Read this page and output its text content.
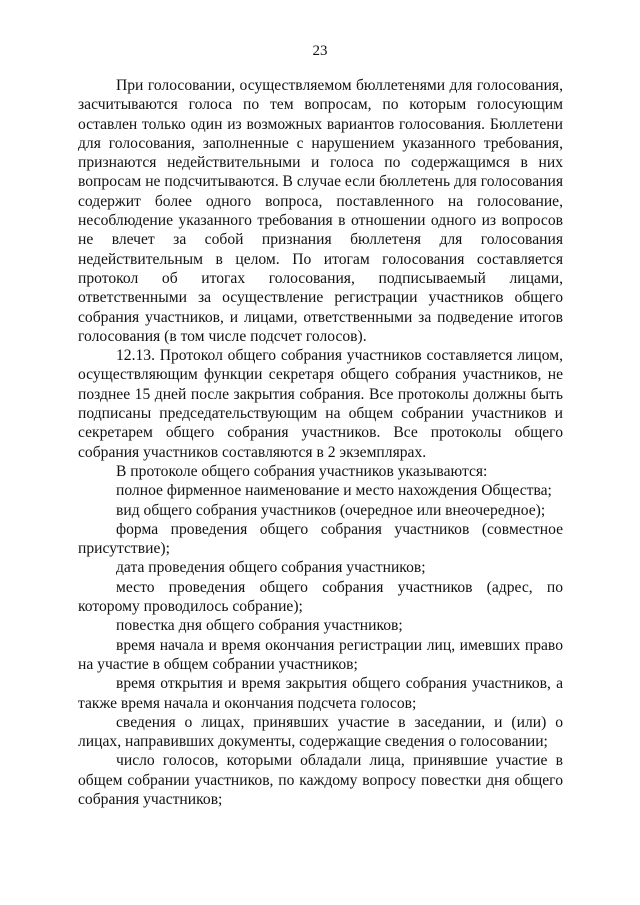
23

При голосовании, осуществляемом бюллетенями для голосования, засчитываются голоса по тем вопросам, по которым голосующим оставлен только один из возможных вариантов голосования. Бюллетени для голосования, заполненные с нарушением указанного требования, признаются недействительными и голоса по содержащимся в них вопросам не подсчитываются. В случае если бюллетень для голосования содержит более одного вопроса, поставленного на голосование, несоблюдение указанного требования в отношении одного из вопросов не влечет за собой признания бюллетеня для голосования недействительным в целом. По итогам голосования составляется протокол об итогах голосования, подписываемый лицами, ответственными за осуществление регистрации участников общего собрания участников, и лицами, ответственными за подведение итогов голосования (в том числе подсчет голосов).

12.13. Протокол общего собрания участников составляется лицом, осуществляющим функции секретаря общего собрания участников, не позднее 15 дней после закрытия собрания. Все протоколы должны быть подписаны председательствующим на общем собрании участников и секретарем общего собрания участников. Все протоколы общего собрания участников составляются в 2 экземплярах.

В протоколе общего собрания участников указываются:

полное фирменное наименование и место нахождения Общества;

вид общего собрания участников (очередное или внеочередное);

форма проведения общего собрания участников (совместное присутствие);

дата проведения общего собрания участников;

место проведения общего собрания участников (адрес, по которому проводилось собрание);

повестка дня общего собрания участников;

время начала и время окончания регистрации лиц, имевших право на участие в общем собрании участников;

время открытия и время закрытия общего собрания участников, а также время начала и окончания подсчета голосов;

сведения о лицах, принявших участие в заседании, и (или) о лицах, направивших документы, содержащие сведения о голосовании;

число голосов, которыми обладали лица, принявшие участие в общем собрании участников, по каждому вопросу повестки дня общего собрания участников;
